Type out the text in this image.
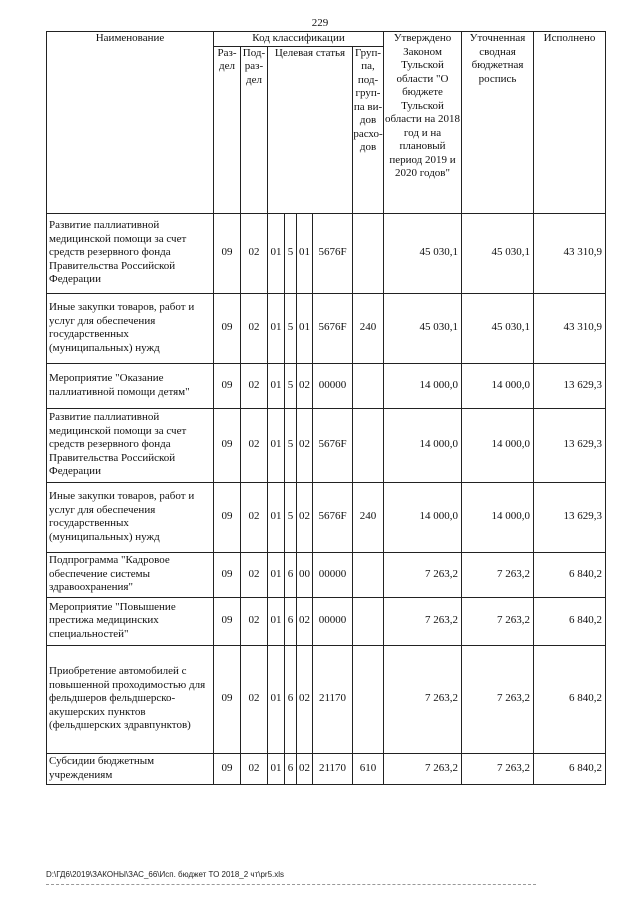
229
Наименование	Код классификации							Утверждено Законом Тульской области "О бюджете Тульской области на 2018 год и на плановый период 2019 и 2020 годов"	Уточненная сводная бюджетная роспись	Исполнено
	Раздел	Подраздел	Целевая статья				Группа, подгруппа видов расходов			
Развитие паллиативной медицинской помощи за счет средств резервного фонда Правительства Российской Федерации	09	02	01	5	01	5676F		45 030,1	45 030,1	43 310,9
Иные закупки товаров, работ и услуг для обеспечения государственных (муниципальных) нужд	09	02	01	5	01	5676F	240	45 030,1	45 030,1	43 310,9
Мероприятие "Оказание паллиативной помощи детям"	09	02	01	5	02	00000		14 000,0	14 000,0	13 629,3
Развитие паллиативной медицинской помощи за счет средств резервного фонда Правительства Российской Федерации	09	02	01	5	02	5676F		14 000,0	14 000,0	13 629,3
Иные закупки товаров, работ и услуг для обеспечения государственных (муниципальных) нужд	09	02	01	5	02	5676F	240	14 000,0	14 000,0	13 629,3
Подпрограмма "Кадровое обеспечение системы здравоохранения"	09	02	01	6	00	00000		7 263,2	7 263,2	6 840,2
Мероприятие "Повышение престижа медицинских специальностей"	09	02	01	6	02	00000		7 263,2	7 263,2	6 840,2
Приобретение автомобилей с повышенной проходимостью для фельдшеров фельдшерско-акушерских пунктов (фельдшерских здравпунктов)	09	02	01	6	02	21170		7 263,2	7 263,2	6 840,2
Субсидии бюджетным учреждениям	09	02	01	6	02	21170	610	7 263,2	7 263,2	6 840,2
D:\ГД6\2019\ЗАКОНЫ\ЗАС_66\Исп. бюджет ТО 2018_2 чт\pr5.xls
